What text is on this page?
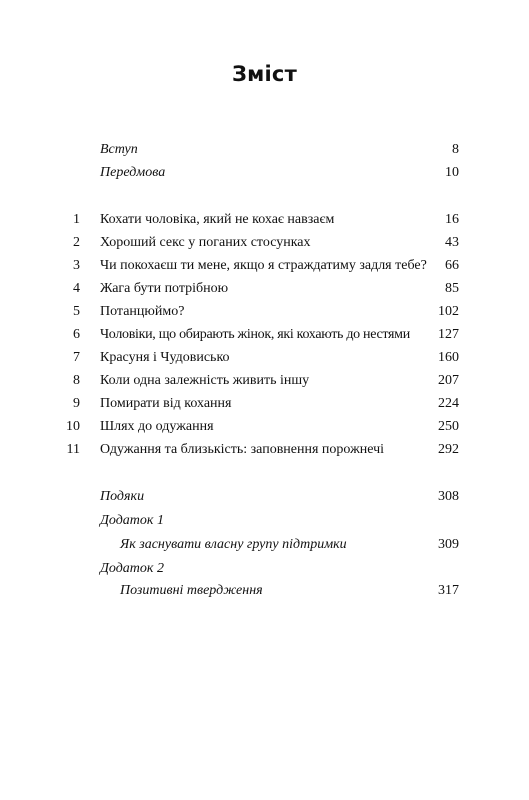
Зміст
Вступ	8
Передмова	10
1 Кохати чоловіка, який не кохає навзаєм	16
2 Хороший секс у поганих стосунках	43
3 Чи покохаєш ти мене, якщо я страждатиму задля тебе? 66
4 Жага бути потрібною	85
5 Потанцюймо?	102
6 Чоловіки, що обирають жінок, які кохають до нестями 127
7 Красуня і Чудовисько	160
8 Коли одна залежність живить іншу	207
9 Помирати від кохання	224
10 Шлях до одужання	250
11 Одужання та близькість: заповнення порожнечі	292
Подяки	308
Додаток 1
Як заснувати власну групу підтримки	309
Додаток 2
Позитивні твердження	317
